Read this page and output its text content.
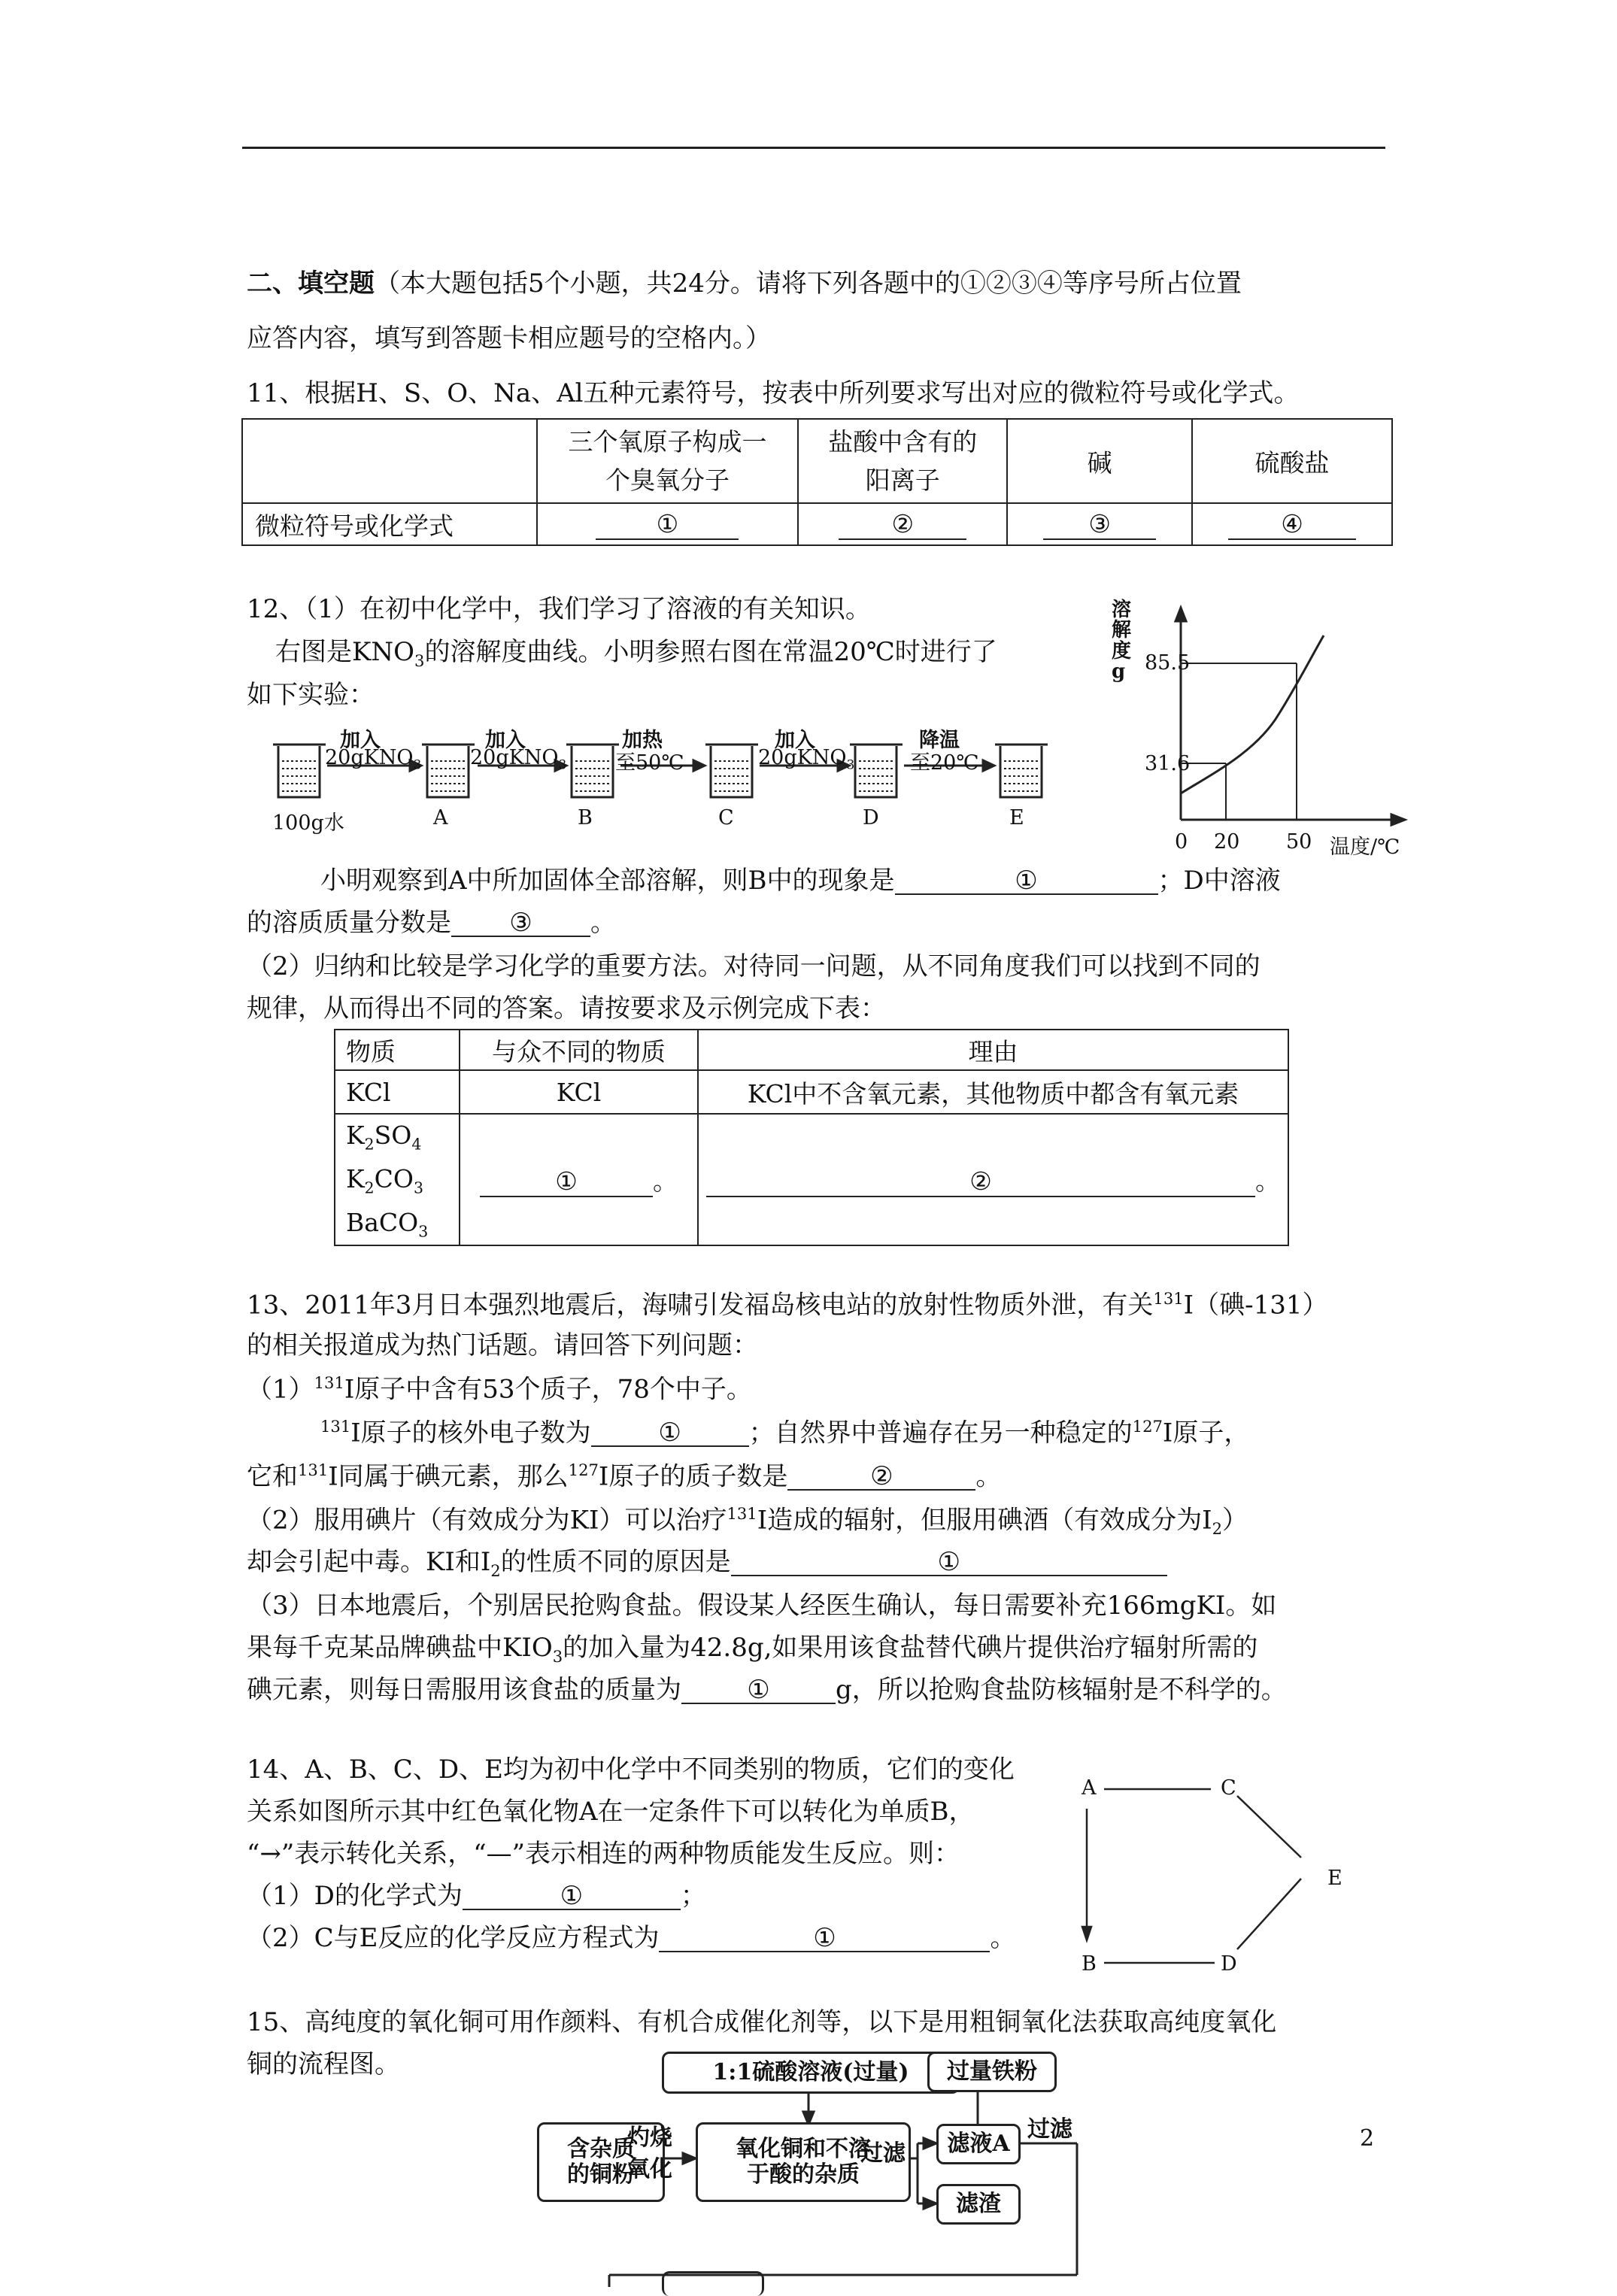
二、填空题（本大题包括5个小题，共24分。请将下列各题中的①②③④等序号所占位置
应答内容，填写到答题卡相应题号的空格内。）
11、根据H、S、O、Na、Al五种元素符号，按表中所列要求写出对应的微粒符号或化学式。
	三个氧原子构成一
个臭氧分子	盐酸中含有的
阳离子	碱	硫酸盐
微粒符号或化学式	①	②	③	④
12、（1）在初中化学中，我们学习了溶液的有关知识。
右图是$KNO_3$的溶解度曲线。小明参照右图在常温20℃时进行了
如下实验：
加入
20gKNO$_3$
加入
20gKNO$_3$
加热
至50℃
加入
20gKNO$_3$
降温
至20℃
100g水	A	B	C	D	E
溶
解
度
g 85.5
31.6
0 20 50 温度/℃
小明观察到A中所加固体全部溶解，则B中的现象是	①	；D中溶液
的溶质质量分数是 ③ 。
（2）归纳和比较是学习化学的重要方法。对待同一问题，从不同角度我们可以找到不同的
规律，从而得出不同的答案。请按要求及示例完成下表：
物质	与众不同的物质	理由
KCl	KCl	KCl中不含氧元素，其他物质中都含有氧元素
$K_2SO_4$
$K_2CO_3$
BaCO$_3$	① 。	② 。
13、2011年3月日本强烈地震后，海啸引发福岛核电站的放射性物质外泄，有关$^{131}$I（碘-131）
的相关报道成为热门话题。请回答下列问题：
$(1)^{131}I$原子中含有53个质子，78个中子。
$^{131}$I原子的核外电子数为	①	；自然界中普遍存在另一种稳定的$^{127}$I原子，
它和$^{131}$I同属于碘元素，那么$^{127}$I原子的质子数是	②	。
（2）服用碘片（有效成分为KI）可以治疗$^{131}$I造成的辐射，但服用碘酒（有效成分为$I_2$）
却会引起中毒。KI和$I_2$的性质不同的原因是	①
（3）日本地震后，个别居民抢购食盐。假设某人经医生确认，每日需要补充166mgKI。如
果每千克某品牌碘盐中$KIO_3$的加入量为42.8g,如果用该食盐替代碘片提供治疗辐射所需的
碘元素，则每日需服用该食盐的质量为	①	g，所以抢购食盐防核辐射是不科学的。
14、A、B、C、D、E均为初中化学中不同类别的物质，它们的变化
关系如图所示其中红色氧化物A在一定条件下可以转化为单质B，
“→”表示转化关系，“—”表示相连的两种物质能发生反应。则：
（1）D的化学式为	①	；
（2）C与E反应的化学反应方程式为	①	。
A	C
E
B	D
15、高纯度的氧化铜可用作颜料、有机合成催化剂等，以下是用粗铜氧化法获取高纯度氧化
铜的流程图。	1:1硫酸溶液(过量)	过量铁粉
含杂质
的铜粉
灼烧
氧化
氧化铜和不溶
于酸的杂质
过滤	滤液A
过滤
滤渣
2
